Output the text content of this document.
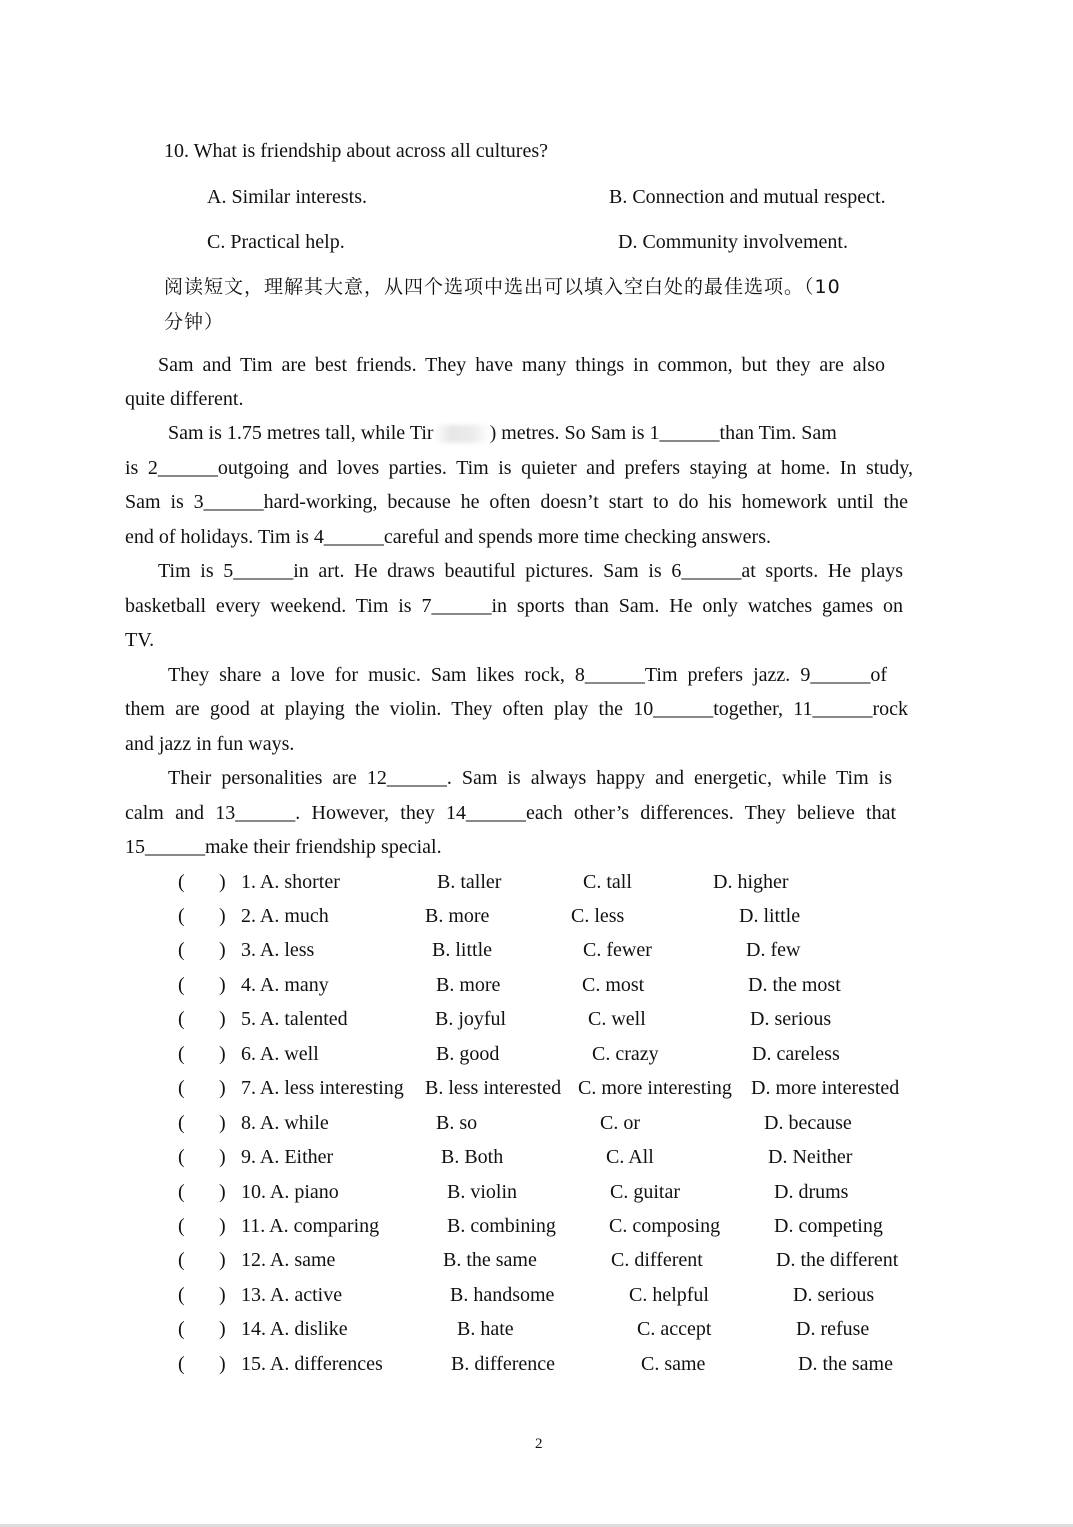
10. What is friendship about across all cultures?
A. Similar interests.	B. Connection and mutual respect.
C. Practical help.	D. Community involvement.
阅读短文，理解其大意，从四个选项中选出可以填入空白处的最佳选项。（10
分钟）
Sam and Tim are best friends. They have many things in common, but they are also
quite different.
Sam is 1.75 metres tall, while Tir	) metres. So Sam is 1______than Tim. Sam
is 2______outgoing and loves parties. Tim is quieter and prefers staying at home. In study,
Sam is 3______hard-working, because he often doesn’t start to do his homework until the
end of holidays. Tim is 4______careful and spends more time checking answers.
Tim is 5______in art. He draws beautiful pictures. Sam is 6______at sports. He plays
basketball every weekend. Tim is 7______in sports than Sam. He only watches games on
TV.
They share a love for music. Sam likes rock, 8______Tim prefers jazz. 9______of
them are good at playing the violin. They often play the 10______together, 11______rock
and jazz in fun ways.
Their personalities are 12______. Sam is always happy and energetic, while Tim is
calm and 13______. However, they 14______each other’s differences. They believe that
15______make their friendship special.
( ) 1. A. shorter	B. taller	C. tall	D. higher
( ) 2. A. much	B. more	C. less	D. little
( ) 3. A. less	B. little	C. fewer	D. few
( ) 4. A. many	B. more	C. most	D. the most
( ) 5. A. talented	B. joyful	C. well	D. serious
( ) 6. A. well	B. good	C. crazy	D. careless
( ) 7. A. less interesting B. less interested C. more interesting D. more interested
( ) 8. A. while	B. so	C. or	D. because
( ) 9. A. Either	B. Both	C. All	D. Neither
( ) 10. A. piano	B. violin	C. guitar	D. drums
( ) 11. A. comparing	B. combining	C. composing	D. competing
( ) 12. A. same	B. the same	C. different	D. the different
( ) 13. A. active	B. handsome	C. helpful	D. serious
( ) 14. A. dislike	B. hate	C. accept	D. refuse
( ) 15. A. differences	B. difference	C. same	D. the same
2
